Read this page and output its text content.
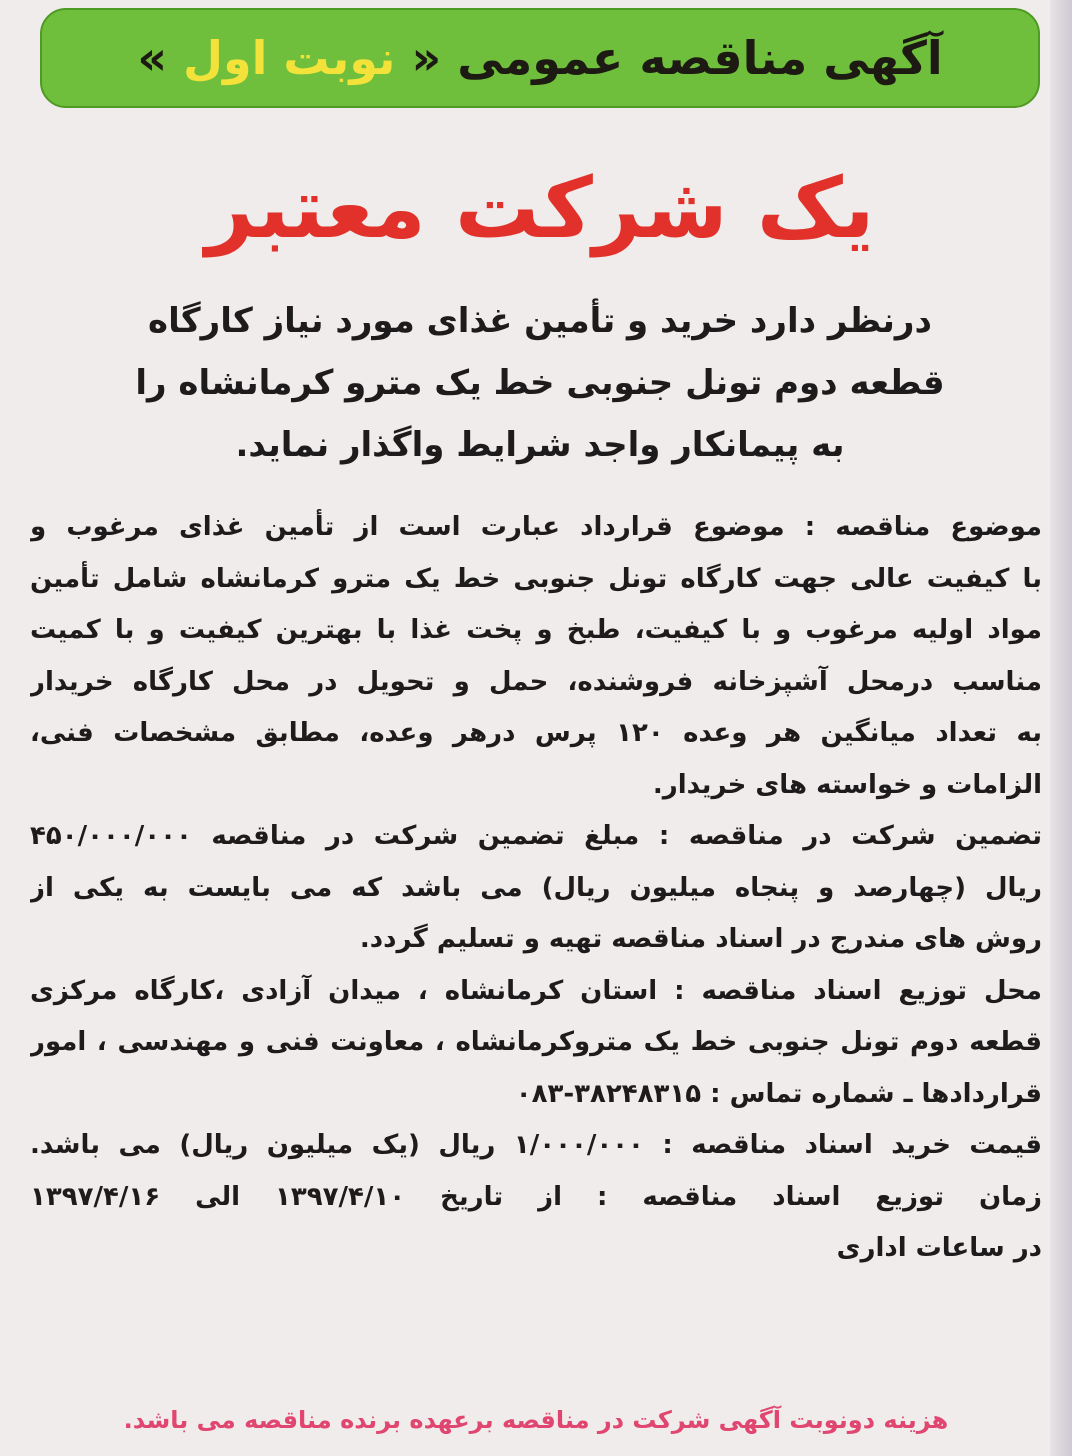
آگهی مناقصه عمومی « نوبت اول »
یک شرکت معتبر
درنظر دارد خرید و تأمین غذای مورد نیاز کارگاه
قطعه دوم تونل جنوبی خط یک مترو کرمانشاه را
به پیمانکار واجد شرایط واگذار نماید.
موضوع مناقصه : موضوع قرارداد عبارت است از تأمین غذای مرغوب و
با کیفیت عالی جهت کارگاه تونل جنوبی خط یک مترو کرمانشاه شامل تأمین
مواد اولیه مرغوب و با کیفیت، طبخ و پخت غذا با بهترین کیفیت و با کمیت
مناسب درمحل آشپزخانه فروشنده، حمل و تحویل در محل کارگاه خریدار
به تعداد میانگین هر وعده ۱۲۰ پرس درهر وعده، مطابق مشخصات فنی،
الزامات و خواسته های خریدار.
تضمین شرکت در مناقصه : مبلغ تضمین شرکت در مناقصه ۴۵۰/۰۰۰/۰۰۰
ریال (چهارصد و پنجاه میلیون ریال) می باشد که می بایست به یکی از
روش های مندرج در اسناد مناقصه تهیه و تسلیم گردد.
محل توزیع اسناد مناقصه : استان کرمانشاه ، میدان آزادی ،کارگاه مرکزی
قطعه دوم تونل جنوبی خط یک متروکرمانشاه ، معاونت فنی و مهندسی ، امور
قراردادها ـ شماره تماس : ۳۸۲۴۸۳۱۵-۰۸۳
قیمت خرید اسناد مناقصه : ۱/۰۰۰/۰۰۰ ریال (یک میلیون ریال) می باشد.
زمان توزیع اسناد مناقصه : از تاریخ ۱۳۹۷/۴/۱۰ الی ۱۳۹۷/۴/۱۶
در ساعات اداری
هزینه دونوبت آگهی شرکت در مناقصه برعهده برنده مناقصه می باشد.
